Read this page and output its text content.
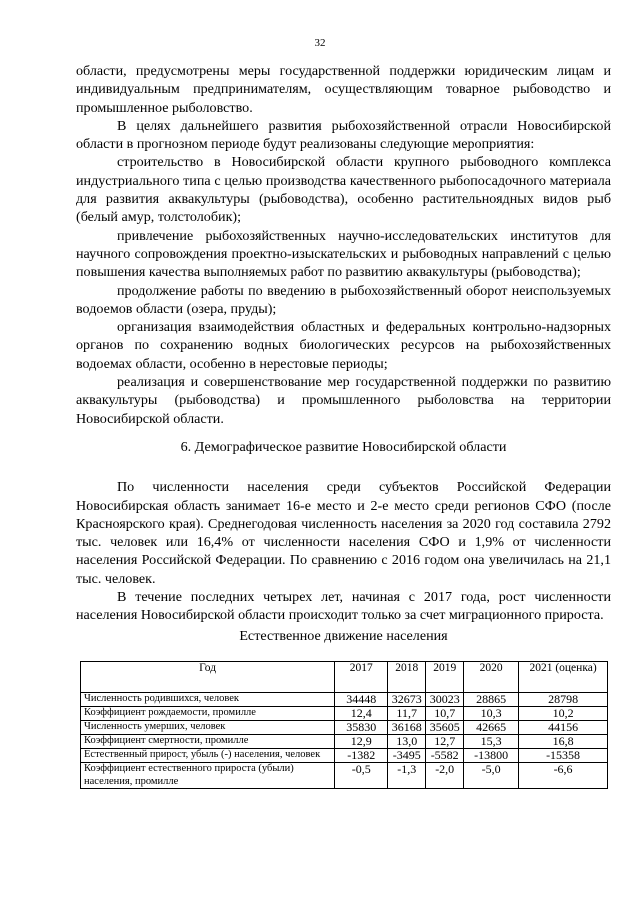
32

области, предусмотрены меры государственной поддержки юридическим лицам и индивидуальным предпринимателям, осуществляющим товарное рыбоводство и промышленное рыболовство.

В целях дальнейшего развития рыбохозяйственной отрасли Новосибирской области в прогнозном периоде будут реализованы следующие мероприятия:

строительство в Новосибирской области крупного рыбоводного комплекса индустриального типа с целью производства качественного рыбопосадочного материала для развития аквакультуры (рыбоводства), особенно растительноядных видов рыб (белый амур, толстолобик);

привлечение рыбохозяйственных научно-исследовательских институтов для научного сопровождения проектно-изыскательских и рыбоводных направлений с целью повышения качества выполняемых работ по развитию аквакультуры (рыбоводства);

продолжение работы по введению в рыбохозяйственный оборот неиспользуемых водоемов области (озера, пруды);

организация взаимодействия областных и федеральных контрольно-надзорных органов по сохранению водных биологических ресурсов на рыбохозяйственных водоемах области, особенно в нерестовые периоды;

реализация и совершенствование мер государственной поддержки по развитию аквакультуры (рыбоводства) и промышленного рыболовства на территории Новосибирской области.

6. Демографическое развитие Новосибирской области

По численности населения среди субъектов Российской Федерации Новосибирская область занимает 16-е место и 2-е место среди регионов СФО (после Красноярского края). Среднегодовая численность населения за 2020 год составила 2792 тыс. человек или 16,4% от численности населения СФО и 1,9% от численности населения Российской Федерации. По сравнению с 2016 годом она увеличилась на 21,1 тыс. человек.

В течение последних четырех лет, начиная с 2017 года, рост численности населения Новосибирской области происходит только за счет миграционного прироста.

Естественное движение населения

Год	2017	2018	2019	2020	2021 (оценка)
Численность родившихся, человек	34448	32673	30023	28865	28798
Коэффициент рождаемости, промилле	12,4	11,7	10,7	10,3	10,2
Численность умерших, человек	35830	36168	35605	42665	44156
Коэффициент смертности, промилле	12,9	13,0	12,7	15,3	16,8
Естественный прирост, убыль (-) населения, человек	-1382	-3495	-5582	-13800	-15358
Коэффициент естественного прироста (убыли) населения, промилле	-0,5	-1,3	-2,0	-5,0	-6,6
